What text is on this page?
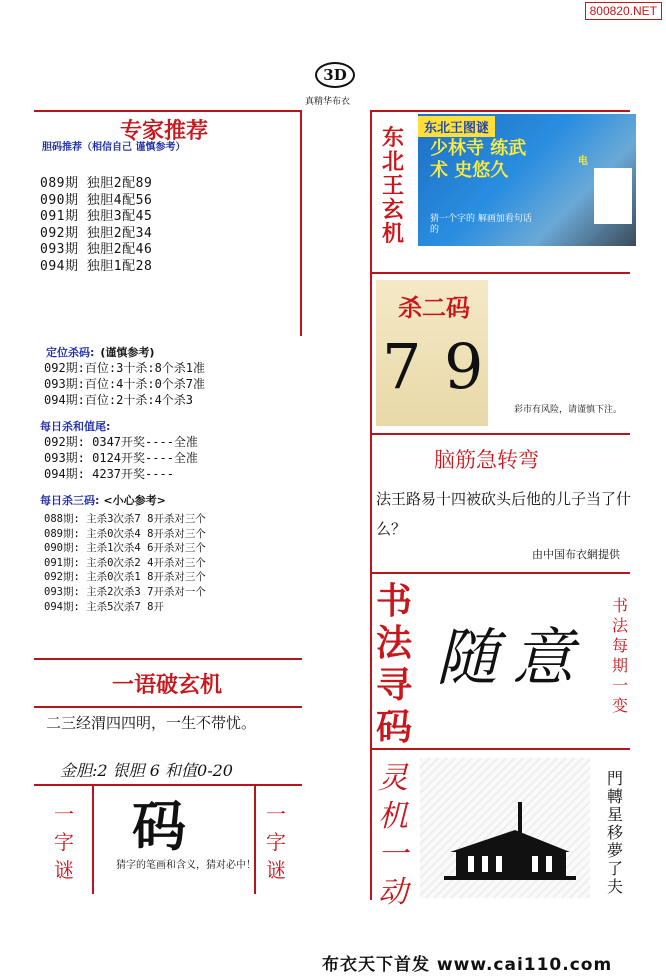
800820.NET
3D
真精华布衣
专家推荐
胆码推荐（相信自己 谨慎参考）
089期 独胆2配89
090期 独胆4配56
091期 独胆3配45
092期 独胆2配34
093期 独胆2配46
094期 独胆1配28
定位杀码: (谨慎参考)
092期:百位:3十杀:8个杀1准
093期:百位:4十杀:0个杀7准
094期:百位:2十杀:4个杀3
每日杀和值尾:
092期: 0347开奖----全准
093期: 0124开奖----全准
094期: 4237开奖----
每日杀三码: <小心参考>
088期: 主杀3次杀7 8开杀对三个
089期: 主杀0次杀4 8开杀对三个
090期: 主杀1次杀4 6开杀对三个
091期: 主杀0次杀2 4开杀对三个
092期: 主杀0次杀1 8开杀对三个
093期: 主杀2次杀3 7开杀对一个
094期: 主杀5次杀7 8开
一语破玄机
二三经渭四四明，一生不带忧。
金胆:2 银胆 6 和值0-20
一字谜
一字谜
码
猜字的笔画和含义，猜对必中！
东北王玄机
东北王图谜
少林寺 练武术 史悠久
猜一个字的 解画加看句话的
电
杀二码
7 9
彩市有风险，请谨慎下注。
脑筋急转弯
法王路易十四被砍头后他的儿子当了什么？
由中国布衣網提供
书法寻码
随意
书法每期一变
灵机一动
門轉星移夢了夫
布衣天下首发 www.cai110.com
